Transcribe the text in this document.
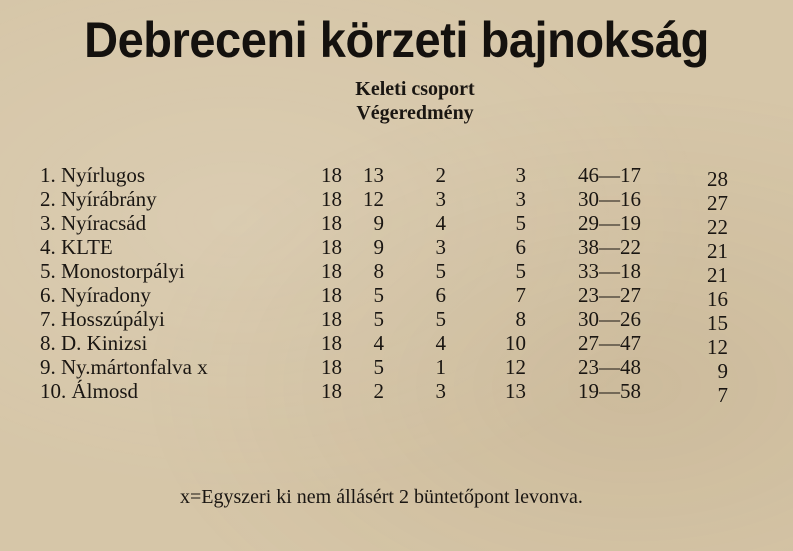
Debreceni körzeti bajnokság
Keleti csoport
Végeredmény
1. Nyírlugos	18	13	2	3 46—17	28
2. Nyírábrány	18	12	3	3 30—16	27
3. Nyíracsád	18	9	4	5 29—19	22
4. KLTE	18	9	3	6 38—22	21
5. Monostorpályi	18	8	5	5 33—18	21
6. Nyíradony	18	5	6	7 23—27	16
7. Hosszúpályi	18	5	5	8 30—26	15
8. D. Kinizsi	18	4	4	10 27—47	12
9. Ny.mártonfalva x	18	5	1	12 23—48	9
10. Álmosd	18	2	3	13 19—58	7
x=Egyszeri ki nem állásért 2 büntetőpont levonva.
